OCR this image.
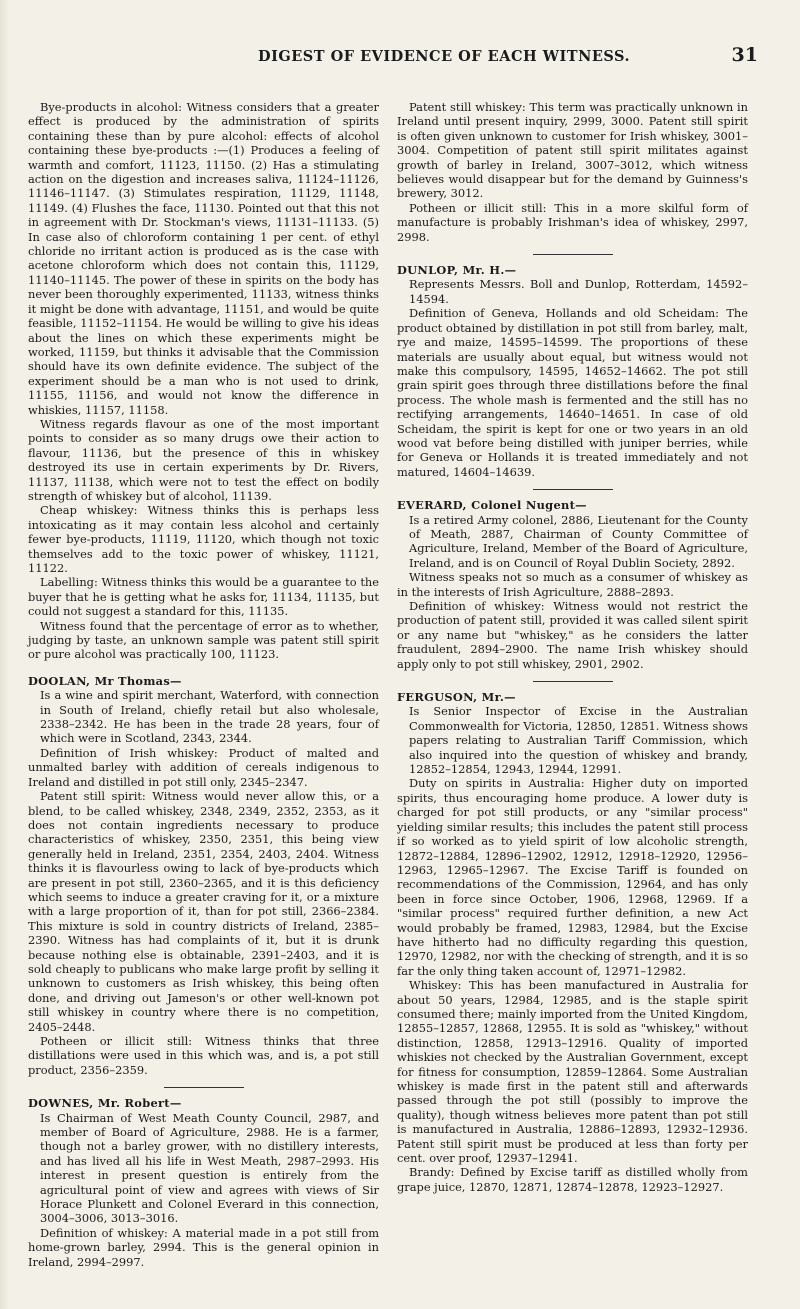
DIGEST OF EVIDENCE OF EACH WITNESS.	31

Bye-products in alcohol: Witness considers that a greater effect is produced by the administration of spirits containing these than by pure alcohol: effects of alcohol containing these bye-products :—(1) Produces a feeling of warmth and comfort, 11123, 11150. (2) Has a stimulating action on the digestion and increases saliva, 11124–11126, 11146–11147. (3) Stimulates respiration, 11129, 11148, 11149. (4) Flushes the face, 11130. Pointed out that this not in agreement with Dr. Stockman's views, 11131–11133. (5) In case also of chloroform containing 1 per cent. of ethyl chloride no irritant action is produced as is the case with acetone chloroform which does not contain this, 11129, 11140–11145. The power of these in spirits on the body has never been thoroughly experimented, 11133, witness thinks it might be done with advantage, 11151, and would be quite feasible, 11152–11154. He would be willing to give his ideas about the lines on which these experiments might be worked, 11159, but thinks it advisable that the Commission should have its own definite evidence. The subject of the experiment should be a man who is not used to drink, 11155, 11156, and would not know the difference in whiskies, 11157, 11158.

Witness regards flavour as one of the most important points to consider as so many drugs owe their action to flavour, 11136, but the presence of this in whiskey destroyed its use in certain experiments by Dr. Rivers, 11137, 11138, which were not to test the effect on bodily strength of whiskey but of alcohol, 11139.

Cheap whiskey: Witness thinks this is perhaps less intoxicating as it may contain less alcohol and certainly fewer bye-products, 11119, 11120, which though not toxic themselves add to the toxic power of whiskey, 11121, 11122.

Labelling: Witness thinks this would be a guarantee to the buyer that he is getting what he asks for, 11134, 11135, but could not suggest a standard for this, 11135.

Witness found that the percentage of error as to whether, judging by taste, an unknown sample was patent still spirit or pure alcohol was practically 100, 11123.

DOOLAN, Mr Thomas—

Is a wine and spirit merchant, Waterford, with connection in South of Ireland, chiefly retail but also wholesale, 2338–2342. He has been in the trade 28 years, four of which were in Scotland, 2343, 2344.

Definition of Irish whiskey: Product of malted and unmalted barley with addition of cereals indigenous to Ireland and distilled in pot still only, 2345–2347.

Patent still spirit: Witness would never allow this, or a blend, to be called whiskey, 2348, 2349, 2352, 2353, as it does not contain ingredients necessary to produce characteristics of whiskey, 2350, 2351, this being view generally held in Ireland, 2351, 2354, 2403, 2404. Witness thinks it is flavourless owing to lack of bye-products which are present in pot still, 2360–2365, and it is this deficiency which seems to induce a greater craving for it, or a mixture with a large proportion of it, than for pot still, 2366–2384. This mixture is sold in country districts of Ireland, 2385–2390. Witness has had complaints of it, but it is drunk because nothing else is obtainable, 2391–2403, and it is sold cheaply to publicans who make large profit by selling it unknown to customers as Irish whiskey, this being often done, and driving out Jameson's or other well-known pot still whiskey in country where there is no competition, 2405–2448.

Potheen or illicit still: Witness thinks that three distillations were used in this which was, and is, a pot still product, 2356–2359.

DOWNES, Mr. Robert—

Is Chairman of West Meath County Council, 2987, and member of Board of Agriculture, 2988. He is a farmer, though not a barley grower, with no distillery interests, and has lived all his life in West Meath, 2987–2993. His interest in present question is entirely from the agricultural point of view and agrees with views of Sir Horace Plunkett and Colonel Everard in this connection, 3004–3006, 3013–3016.

Definition of whiskey: A material made in a pot still from home-grown barley, 2994. This is the general opinion in Ireland, 2994–2997.

Patent still whiskey: This term was practically unknown in Ireland until present inquiry, 2999, 3000. Patent still spirit is often given unknown to customer for Irish whiskey, 3001–3004. Competition of patent still spirit militates against growth of barley in Ireland, 3007–3012, which witness believes would disappear but for the demand by Guinness's brewery, 3012.

Potheen or illicit still: This in a more skilful form of manufacture is probably Irishman's idea of whiskey, 2997, 2998.

DUNLOP, Mr. H.—

Represents Messrs. Boll and Dunlop, Rotterdam, 14592–14594.

Definition of Geneva, Hollands and old Scheidam: The product obtained by distillation in pot still from barley, malt, rye and maize, 14595–14599. The proportions of these materials are usually about equal, but witness would not make this compulsory, 14595, 14652–14662. The pot still grain spirit goes through three distillations before the final process. The whole mash is fermented and the still has no rectifying arrangements, 14640–14651. In case of old Scheidam, the spirit is kept for one or two years in an old wood vat before being distilled with juniper berries, while for Geneva or Hollands it is treated immediately and not matured, 14604–14639.

EVERARD, Colonel Nugent—

Is a retired Army colonel, 2886, Lieutenant for the County of Meath, 2887, Chairman of County Committee of Agriculture, Ireland, Member of the Board of Agriculture, Ireland, and is on Council of Royal Dublin Society, 2892.

Witness speaks not so much as a consumer of whiskey as in the interests of Irish Agriculture, 2888–2893.

Definition of whiskey: Witness would not restrict the production of patent still, provided it was called silent spirit or any name but "whiskey," as he considers the latter fraudulent, 2894–2900. The name Irish whiskey should apply only to pot still whiskey, 2901, 2902.

FERGUSON, Mr.—

Is Senior Inspector of Excise in the Australian Commonwealth for Victoria, 12850, 12851. Witness shows papers relating to Australian Tariff Commission, which also inquired into the question of whiskey and brandy, 12852–12854, 12943, 12944, 12991.

Duty on spirits in Australia: Higher duty on imported spirits, thus encouraging home produce. A lower duty is charged for pot still products, or any "similar process" yielding similar results; this includes the patent still process if so worked as to yield spirit of low alcoholic strength, 12872–12884, 12896–12902, 12912, 12918–12920, 12956–12963, 12965–12967. The Excise Tariff is founded on recommendations of the Commission, 12964, and has only been in force since October, 1906, 12968, 12969. If a "similar process" required further definition, a new Act would probably be framed, 12983, 12984, but the Excise have hitherto had no difficulty regarding this question, 12970, 12982, nor with the checking of strength, and it is so far the only thing taken account of, 12971–12982.

Whiskey: This has been manufactured in Australia for about 50 years, 12984, 12985, and is the staple spirit consumed there; mainly imported from the United Kingdom, 12855–12857, 12868, 12955. It is sold as "whiskey," without distinction, 12858, 12913–12916. Quality of imported whiskies not checked by the Australian Government, except for fitness for consumption, 12859–12864. Some Australian whiskey is made first in the patent still and afterwards passed through the pot still (possibly to improve the quality), though witness believes more patent than pot still is manufactured in Australia, 12886–12893, 12932–12936. Patent still spirit must be produced at less than forty per cent. over proof, 12937–12941.

Brandy: Defined by Excise tariff as distilled wholly from grape juice, 12870, 12871, 12874–12878, 12923–12927.
